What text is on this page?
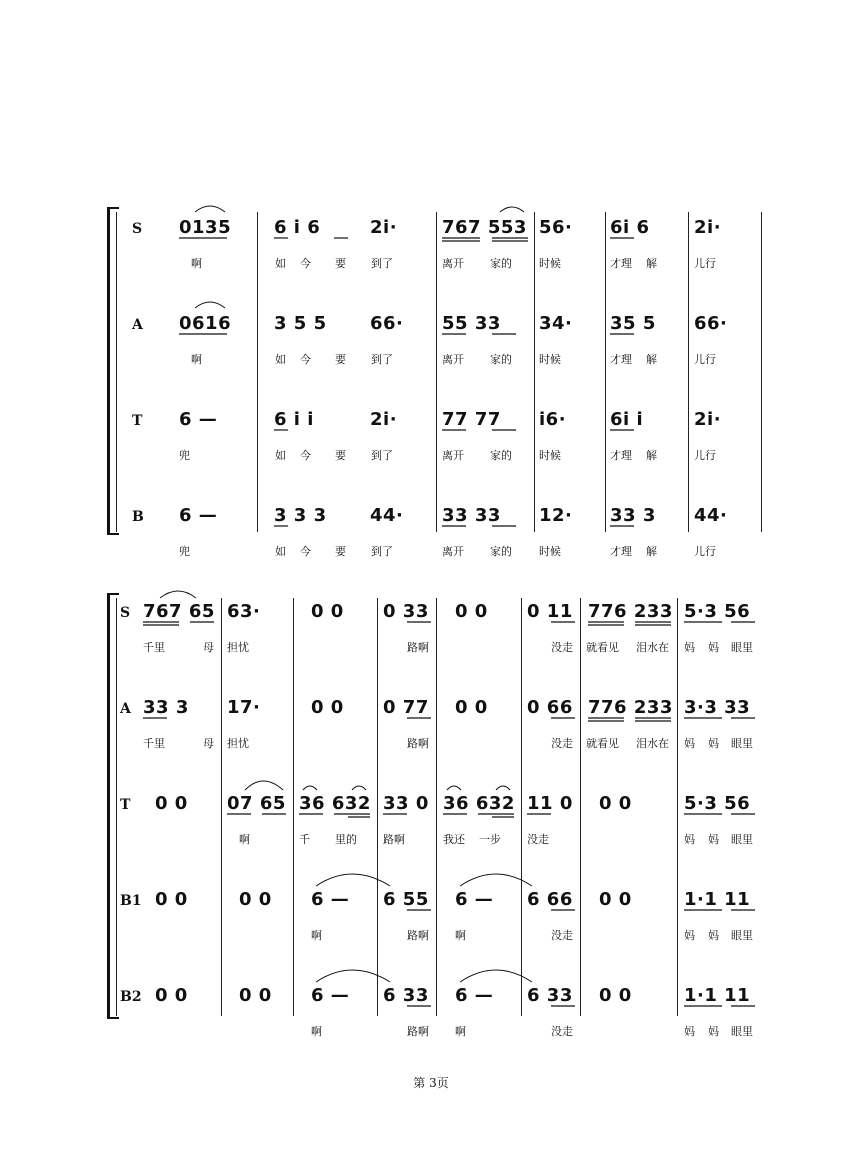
S 0135 6 i 6	2i· 767 553 56· 6i 6 2i·
啊	如 今 要 到了	离开 家的 时候	才理 解	儿行
A 0616 3 5 5 66· 55 33 34· 35 5 66·
啊	如 今 要 到了	离开 家的 时候	才理 解	儿行
T 6 —	6 i i	2i· 77 77 i6· 6i i	2i·
兜	如 今 要 到了	离开 家的 时候	才理 解	儿行
B 6 —	3 3 3 44· 33 33 12· 33 3 44·
兜	如 今 要 到了	离开 家的 时候	才理 解	儿行
S 767 65 63·	0 0 0 33 0 0 0 11 776 233 5·3 56
千里	母 担忧	路啊	没走 就看见 泪水在 妈 妈 眼里
A 33 3 17·	0 0 0 77 0 0 0 66 776 233 3·3 33
千里	母 担忧	路啊	没走 就看见 泪水在 妈 妈 眼里
T 0 0 07 65 36 632 33 0 36 632 11 0 0 0	5·3 56
啊	千 里的 路啊	我还 一步 没走	妈 妈 眼里
B1 0 0	0 0 6 — 6 55 6 — 6 66 0 0	1·1 11
啊	路啊 啊	没走	妈 妈 眼里
B2 0 0	0 0 6 — 6 33 6 — 6 33 0 0	1·1 11
啊	路啊 啊	没走	妈 妈 眼里
第 3页
